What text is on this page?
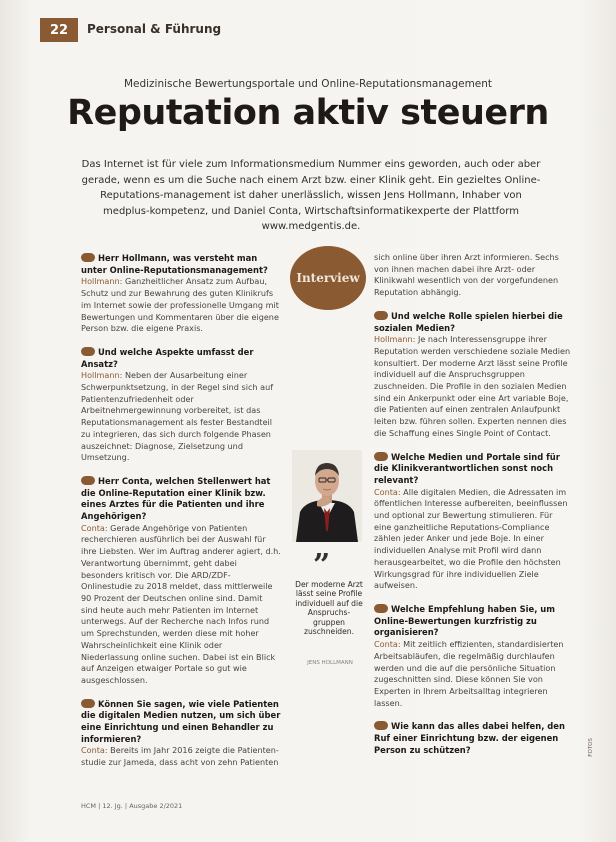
22	Personal & Führung
Medizinische Bewertungsportale und Online-Reputationsmanagement
Reputation aktiv steuern
Das Internet ist für viele zum Informationsmedium Nummer eins geworden, auch oder aber gerade, wenn es um die Suche nach einem Arzt bzw. einer Klinik geht. Ein gezieltes Online-Reputations-management ist daher unerlässlich, wissen Jens Hollmann, Inhaber von medplus-kompetenz, und Daniel Conta, Wirtschaftsinformatikexperte der Plattform www.medgentis.de.
Herr Hollmann, was versteht man unter Online-Reputationsmanagement?
Hollmann: Ganzheitlicher Ansatz zum Aufbau, Schutz und zur Bewahrung des guten Klinikrufs im Internet sowie der professionelle Umgang mit Bewertungen und Kommentaren über die eigene Person bzw. die eigene Praxis.
Und welche Aspekte umfasst der Ansatz?
Hollmann: Neben der Ausarbeitung einer Schwerpunktsetzung, in der Regel sind sich auf Patientenzufriedenheit oder Arbeitnehmergewinnung vorbereitet, ist das Reputationsmanagement als fester Bestandteil zu integrieren, das sich durch folgende Phasen auszeichnet: Diagnose, Zielsetzung und Umsetzung.
Herr Conta, welchen Stellenwert hat die Online-Reputation einer Klinik bzw. eines Arztes für die Patienten und ihre Angehörigen?
Conta: Gerade Angehörige von Patienten recherchieren ausführlich bei der Auswahl für ihre Liebsten. Wer im Auftrag anderer agiert, d.h. Verantwortung übernimmt, geht dabei besonders kritisch vor. Die ARD/ZDF-Onlinestudie zu 2018 meldet, dass mittlerweile 90 Prozent der Deutschen online sind. Damit sind heute auch mehr Patienten im Internet unterwegs. Auf der Recherche nach Infos rund um Sprechstunden, werden diese mit hoher Wahrscheinlichkeit eine Klinik oder Niederlassung online suchen. Dabei ist ein Blick auf Anzeigen etwaiger Portale so gut wie ausgeschlossen.
Können Sie sagen, wie viele Patienten die digitalen Medien nutzen, um sich über eine Einrichtung und einen Behandler zu informieren?
Conta: Bereits im Jahr 2016 zeigte die Patienten-studie zur Jameda, dass acht von zehn Patienten
sich online über ihren Arzt informieren. Sechs von ihnen machen dabei ihre Arzt- oder Klinikwahl wesentlich von der vorgefundenen Reputation abhängig.
Und welche Rolle spielen hierbei die sozialen Medien?
Hollmann: Je nach Interessensgruppe ihrer Reputation werden verschiedene soziale Medien konsultiert. Der moderne Arzt lässt seine Profile individuell auf die Anspruchsgruppen zuschneiden. Die Profile in den sozialen Medien sind ein Ankerpunkt oder eine Art variable Boje, die Patienten auf einen zentralen Anlaufpunkt leiten bzw. führen sollen. Experten nennen dies die Schaffung eines Single Point of Contact.
Welche Medien und Portale sind für die Klinikverantwortlichen sonst noch relevant?
Conta: Alle digitalen Medien, die Adressaten im öffentlichen Interesse aufbereiten, beeinflussen und optional zur Bewertung stimulieren. Für eine ganzheitliche Reputations-Compliance zählen jeder Anker und jede Boje. In einer individuellen Analyse mit Profil wird dann herausgearbeitet, wo die Profile den höchsten Wirkungsgrad für ihre individuellen Ziele aufweisen.
Welche Empfehlung haben Sie, um Online-Bewertungen kurzfristig zu organisieren?
Conta: Mit zeitlich effizienten, standardisierten Arbeitsabläufen, die regelmäßig durchlaufen werden und die auf die persönliche Situation zugeschnitten sind. Diese können Sie von Experten in Ihrem Arbeitsalltag integrieren lassen.
Wie kann das alles dabei helfen, den Ruf einer Einrichtung bzw. der eigenen Person zu schützen?
Interview
”
Der moderne Arzt lässt seine Profile individuell auf die Anspruchs-gruppen zuschneiden.
JENS HOLLMANN
HCM | 12. Jg. | Ausgabe 2/2021
FOTOS
